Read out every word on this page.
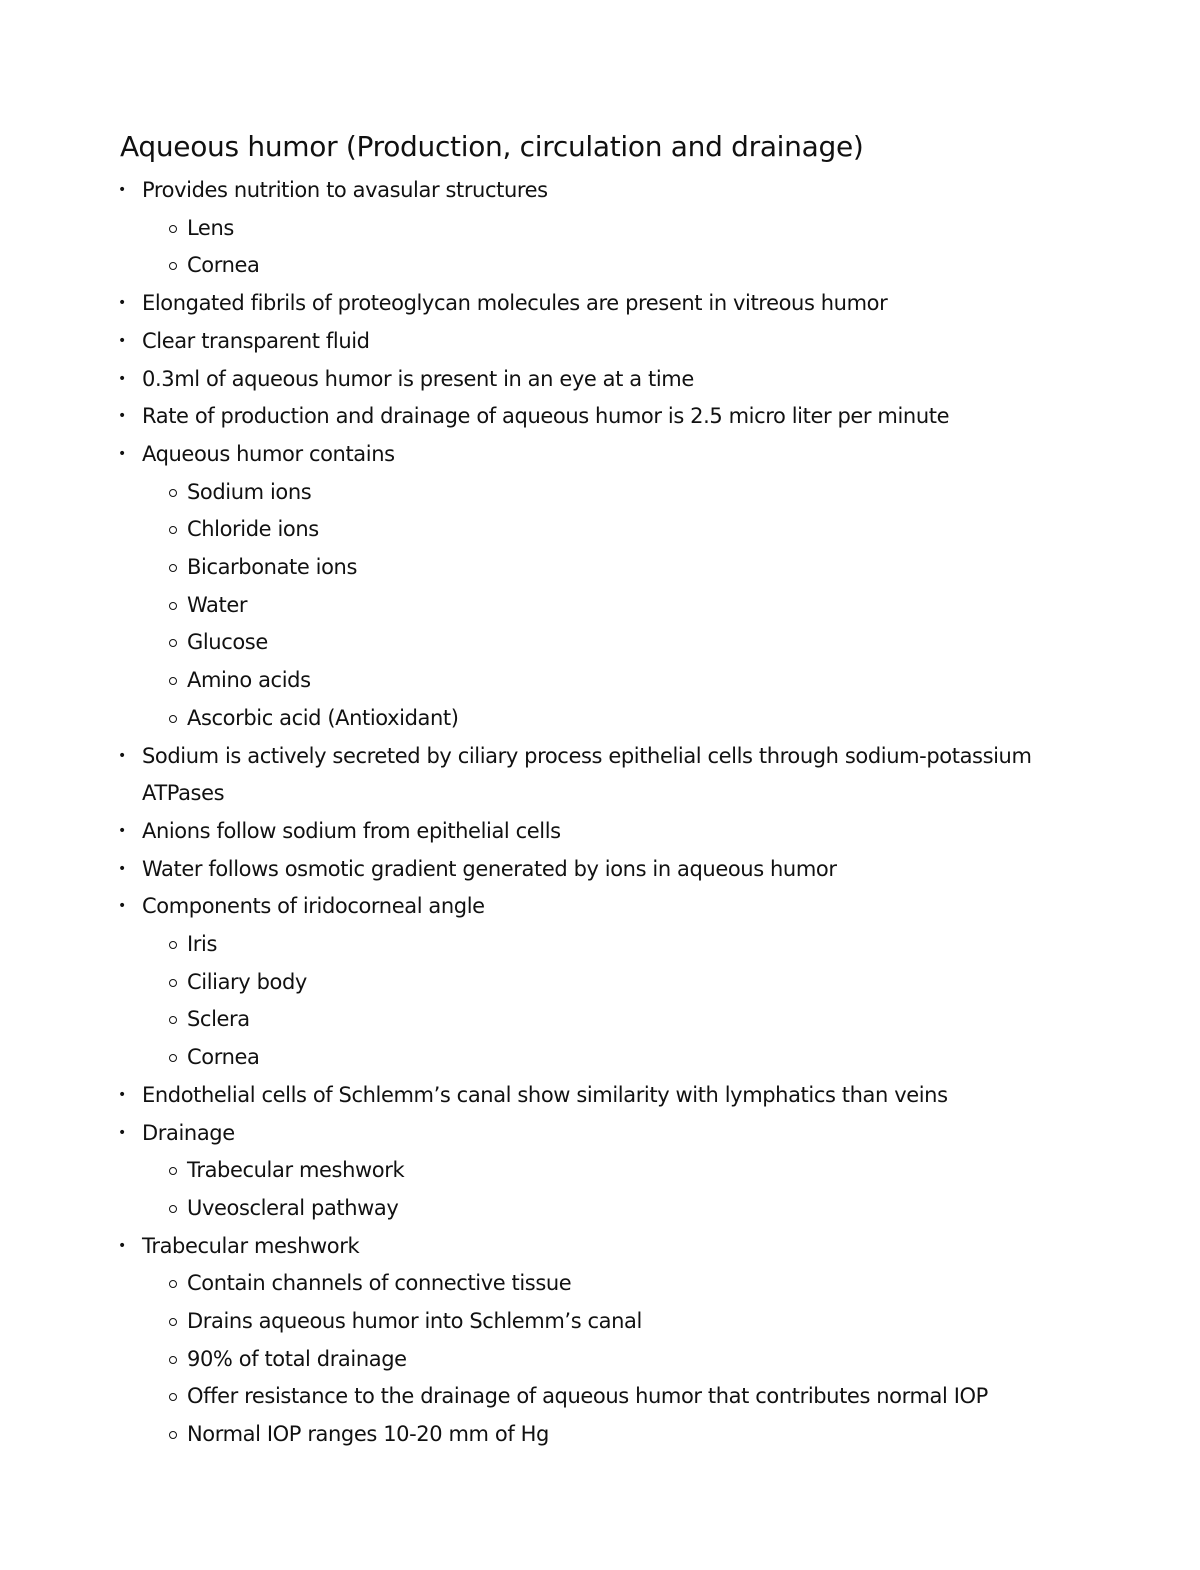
Aqueous humor (Production, circulation and drainage)
• Provides nutrition to avasular structures
Lens
Cornea
• Elongated fibrils of proteoglycan molecules are present in vitreous humor
• Clear transparent fluid
• 0.3ml of aqueous humor is present in an eye at a time
• Rate of production and drainage of aqueous humor is 2.5 micro liter per minute
• Aqueous humor contains
Sodium ions
Chloride ions
Bicarbonate ions
Water
Glucose
Amino acids
Ascorbic acid (Antioxidant)
• Sodium is actively secreted by ciliary process epithelial cells through sodium-potassium
ATPases
• Anions follow sodium from epithelial cells
• Water follows osmotic gradient generated by ions in aqueous humor
• Components of iridocorneal angle
Iris
Ciliary body
Sclera
Cornea
• Endothelial cells of Schlemm’s canal show similarity with lymphatics than veins
• Drainage
Trabecular meshwork
Uveoscleral pathway
• Trabecular meshwork
Contain channels of connective tissue
Drains aqueous humor into Schlemm’s canal
90% of total drainage
Offer resistance to the drainage of aqueous humor that contributes normal IOP
Normal IOP ranges 10-20 mm of Hg
